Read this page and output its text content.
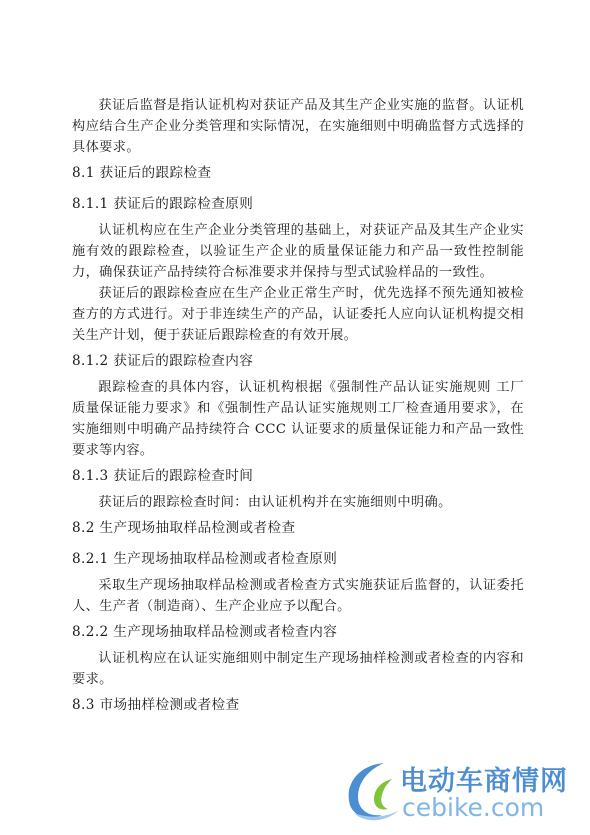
获证后监督是指认证机构对获证产品及其生产企业实施的监督。认证机构应结合生产企业分类管理和实际情况，在实施细则中明确监督方式选择的具体要求。

8.1 获证后的跟踪检查

8.1.1 获证后的跟踪检查原则

认证机构应在生产企业分类管理的基础上，对获证产品及其生产企业实施有效的跟踪检查，以验证生产企业的质量保证能力和产品一致性控制能力，确保获证产品持续符合标准要求并保持与型式试验样品的一致性。

获证后的跟踪检查应在生产企业正常生产时，优先选择不预先通知被检查方的方式进行。对于非连续生产的产品，认证委托人应向认证机构提交相关生产计划，便于获证后跟踪检查的有效开展。

8.1.2 获证后的跟踪检查内容

跟踪检查的具体内容，认证机构根据《强制性产品认证实施规则 工厂质量保证能力要求》和《强制性产品认证实施规则工厂检查通用要求》，在实施细则中明确产品持续符合 CCC 认证要求的质量保证能力和产品一致性要求等内容。

8.1.3 获证后的跟踪检查时间

获证后的跟踪检查时间：由认证机构并在实施细则中明确。

8.2 生产现场抽取样品检测或者检查

8.2.1 生产现场抽取样品检测或者检查原则

采取生产现场抽取样品检测或者检查方式实施获证后监督的，认证委托人、生产者（制造商）、生产企业应予以配合。

8.2.2 生产现场抽取样品检测或者检查内容

认证机构应在认证实施细则中制定生产现场抽样检测或者检查的内容和要求。

8.3 市场抽样检测或者检查

电动车商情网
cebike.com
